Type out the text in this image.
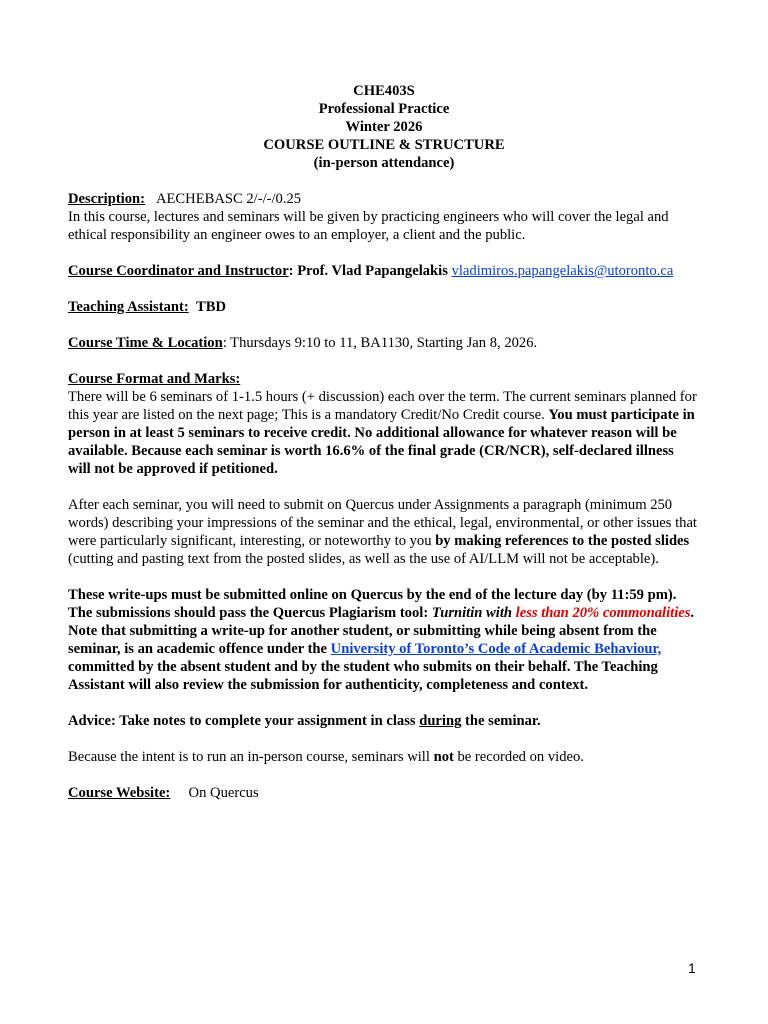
CHE403S
Professional Practice
Winter 2026
COURSE OUTLINE & STRUCTURE
(in-person attendance)

Description: AECHEBASC 2/-/-/0.25

In this course, lectures and seminars will be given by practicing engineers who will cover the legal and ethical responsibility an engineer owes to an employer, a client and the public.

Course Coordinator and Instructor: Prof. Vlad Papangelakis vladimiros.papangelakis@utoronto.ca

Teaching Assistant: TBD

Course Time & Location: Thursdays 9:10 to 11, BA1130, Starting Jan 8, 2026.

Course Format and Marks:

There will be 6 seminars of 1-1.5 hours (+ discussion) each over the term. The current seminars planned for this year are listed on the next page; This is a mandatory Credit/No Credit course. You must participate in person in at least 5 seminars to receive credit. No additional allowance for whatever reason will be available. Because each seminar is worth 16.6% of the final grade (CR/NCR), self-declared illness will not be approved if petitioned.

After each seminar, you will need to submit on Quercus under Assignments a paragraph (minimum 250 words) describing your impressions of the seminar and the ethical, legal, environmental, or other issues that were particularly significant, interesting, or noteworthy to you by making references to the posted slides (cutting and pasting text from the posted slides, as well as the use of AI/LLM will not be acceptable).

These write-ups must be submitted online on Quercus by the end of the lecture day (by 11:59 pm). The submissions should pass the Quercus Plagiarism tool: Turnitin with less than 20% commonalities. Note that submitting a write-up for another student, or submitting while being absent from the seminar, is an academic offence under the University of Toronto’s Code of Academic Behaviour, committed by the absent student and by the student who submits on their behalf. The Teaching Assistant will also review the submission for authenticity, completeness and context.

Advice: Take notes to complete your assignment in class during the seminar.

Because the intent is to run an in-person course, seminars will not be recorded on video.

Course Website: On Quercus

1
